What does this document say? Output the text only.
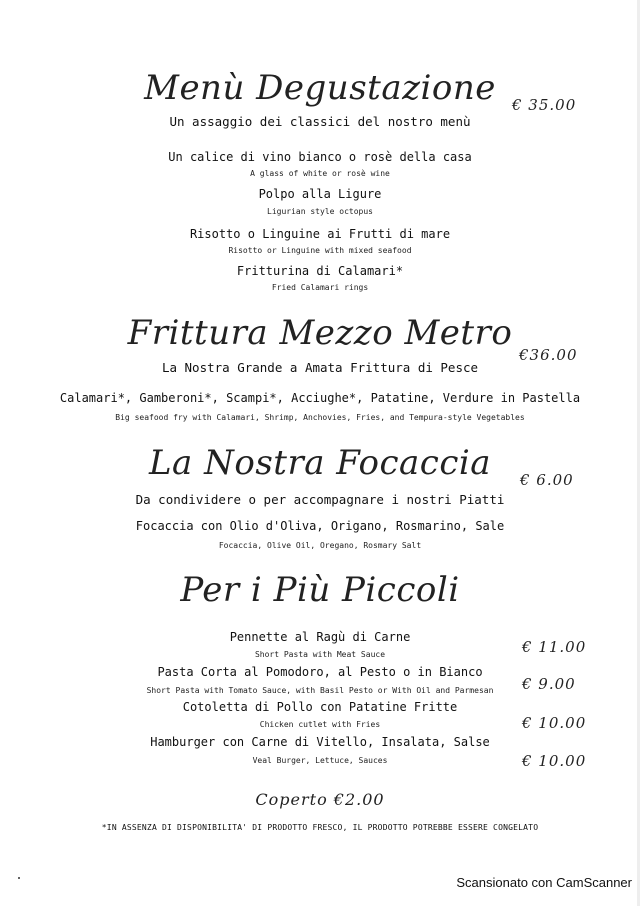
Menù Degustazione	€ 35.00
Un assaggio dei classici del nostro menù
Un calice di vino bianco o rosè della casa
A glass of white or rosè wine
Polpo alla Ligure
Ligurian style octopus
Risotto o Linguine ai Frutti di mare
Risotto or Linguine with mixed seafood
Fritturina di Calamari*
Fried Calamari rings
Frittura Mezzo Metro
€36.00
La Nostra Grande a Amata Frittura di Pesce
Calamari*, Gamberoni*, Scampi*, Acciughe*, Patatine, Verdure in Pastella
Big seafood fry with Calamari, Shrimp, Anchovies, Fries, and Tempura-style Vegetables
La Nostra Focaccia	€ 6.00
Da condividere o per accompagnare i nostri Piatti
Focaccia con Olio d'Oliva, Origano, Rosmarino, Sale
Focaccia, Olive Oil, Oregano, Rosmary Salt
Per i Più Piccoli
Pennette al Ragù di Carne
Short Pasta with Meat Sauce	€ 11.00
Pasta Corta al Pomodoro, al Pesto o in Bianco
Short Pasta with Tomato Sauce, with Basil Pesto or With Oil and Parmesan	€ 9.00
Cotoletta di Pollo con Patatine Fritte
Chicken cutlet with Fries	€ 10.00
Hamburger con Carne di Vitello, Insalata, Salse
Veal Burger, Lettuce, Sauces	€ 10.00
Coperto €2.00
*IN ASSENZA DI DISPONIBILITA' DI PRODOTTO FRESCO, IL PRODOTTO POTREBBE ESSERE CONGELATO
Scansionato con CamScanner
